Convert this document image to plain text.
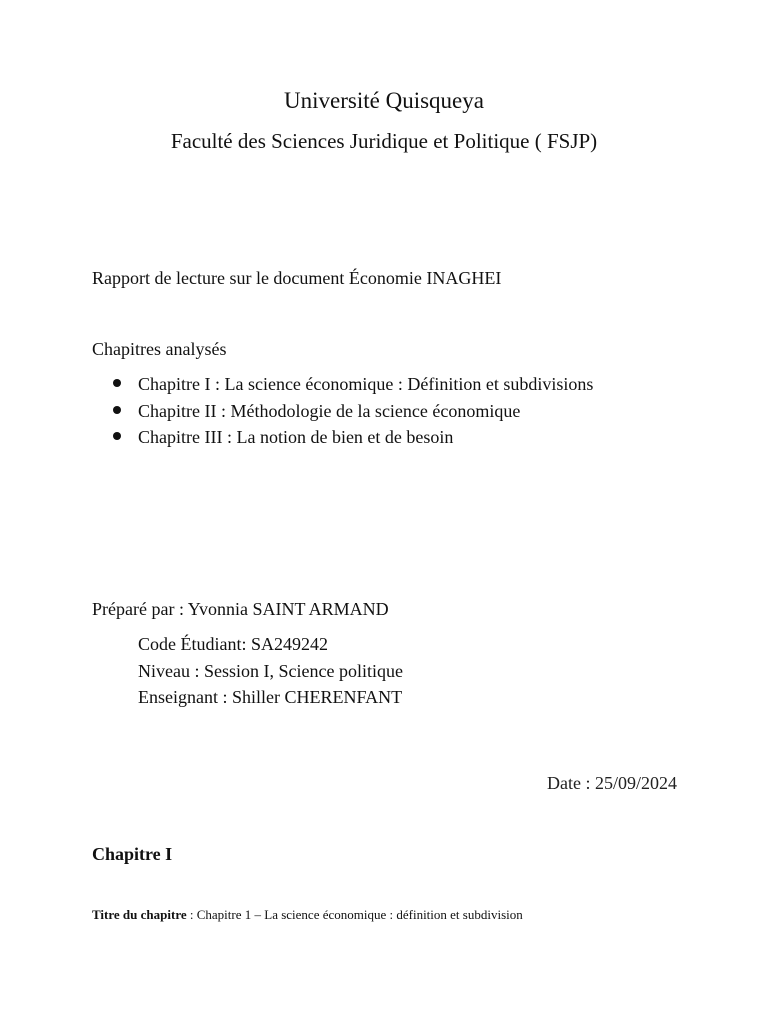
Université Quisqueya
Faculté des Sciences Juridique et Politique ( FSJP)
Rapport de lecture sur le document Économie INAGHEI
Chapitres analysés
Chapitre I : La science économique : Définition et subdivisions
Chapitre II : Méthodologie de la science économique
Chapitre III : La notion de bien et de besoin
Préparé par : Yvonnia SAINT ARMAND
Code Étudiant: SA249242
Niveau : Session I, Science politique
Enseignant : Shiller CHERENFANT
Date : 25/09/2024
Chapitre I
Titre du chapitre : Chapitre 1 – La science économique : définition et subdivision
